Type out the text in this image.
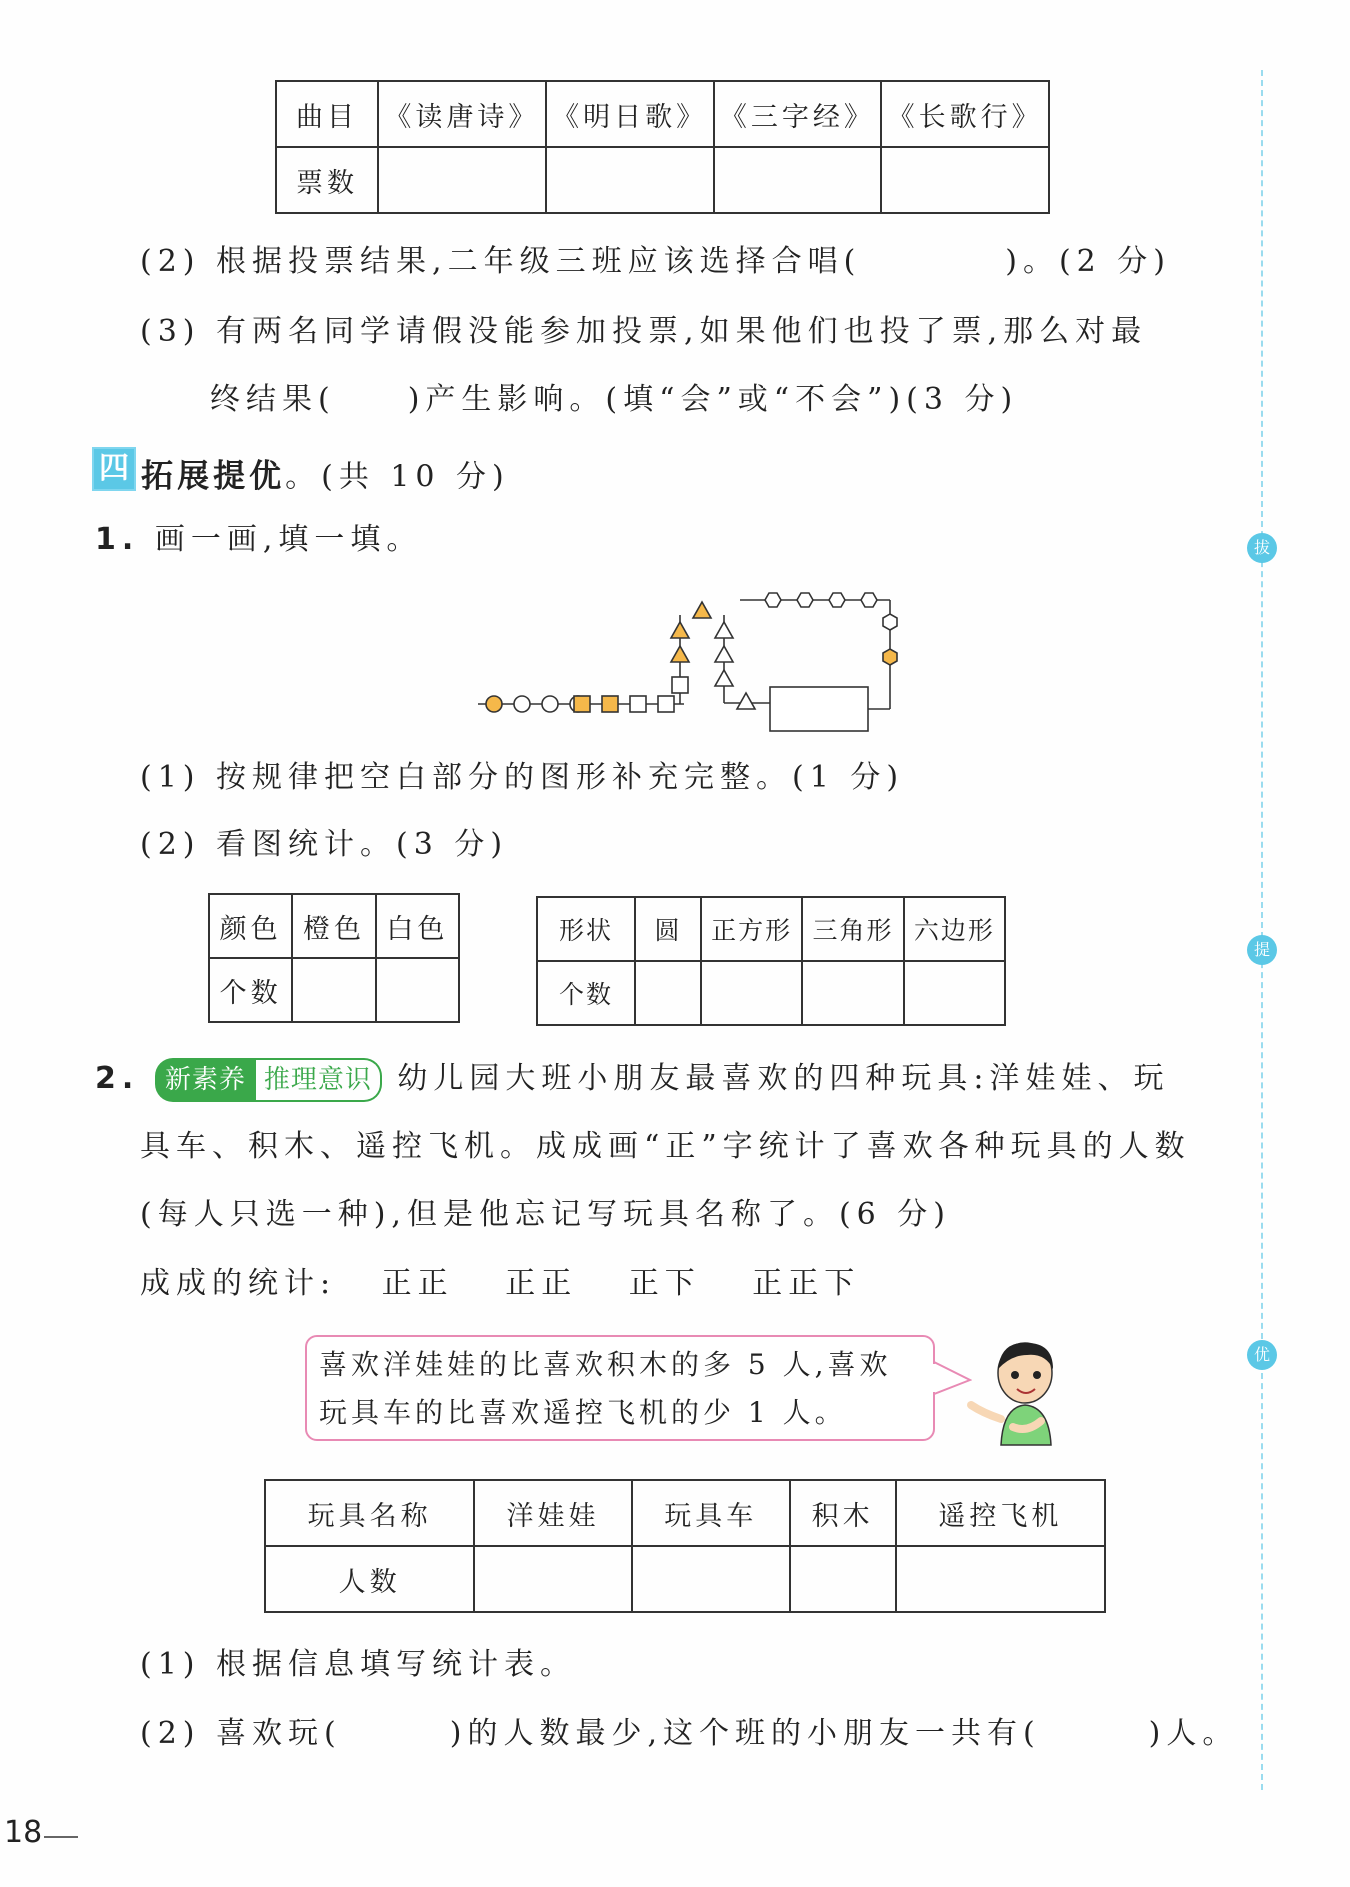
曲目	《读唐诗》	《明日歌》	《三字经》	《长歌行》
票数				
(2) 根据投票结果,二年级三班应该选择合唱(　　　　)。(2 分)
(3) 有两名同学请假没能参加投票,如果他们也投了票,那么对最
终结果(　　)产生影响。(填“会”或“不会”)(3 分)
四 拓展提优。(共 10 分)
1. 画一画,填一填。
(1) 按规律把空白部分的图形补充完整。(1 分)
(2) 看图统计。(3 分)
颜色	橙色	白色
个数		
形状	圆	正方形	三角形	六边形
个数				
2. 新素养 推理意识 幼儿园大班小朋友最喜欢的四种玩具:洋娃娃、玩
具车、积木、遥控飞机。成成画“正”字统计了喜欢各种玩具的人数
(每人只选一种),但是他忘记写玩具名称了。(6 分)
成成的统计: 正正 正正 正下 正正下
喜欢洋娃娃的比喜欢积木的多 5 人,喜欢
玩具车的比喜欢遥控飞机的少 1 人。
玩具名称	洋娃娃	玩具车	积木	遥控飞机
人数				
(1) 根据信息填写统计表。
(2) 喜欢玩(　　　)的人数最少,这个班的小朋友一共有(　　　)人。
拔
提
优
18
